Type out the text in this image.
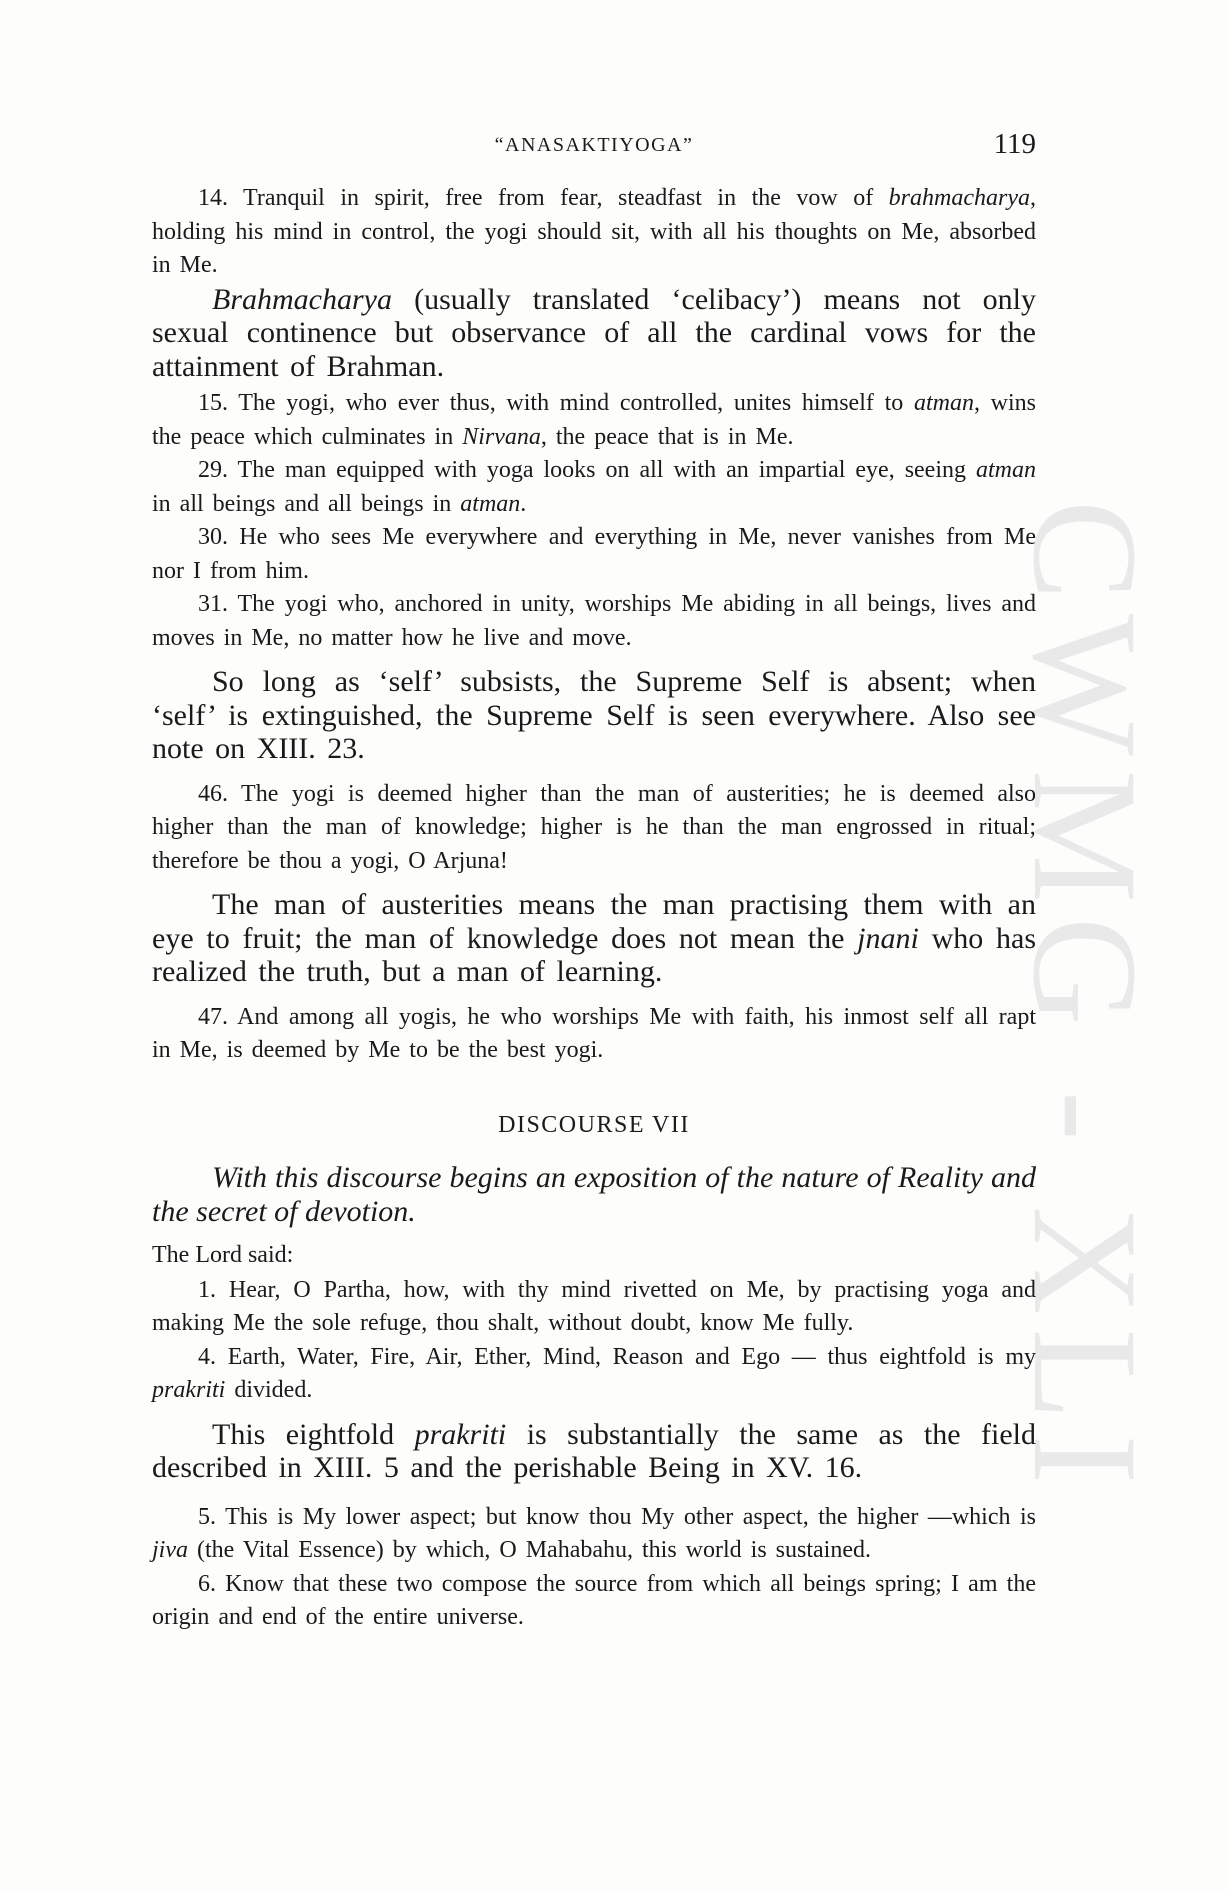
CWMG - XLI
“ANASAKTIYOGA”	119

14. Tranquil in spirit, free from fear, steadfast in the vow of brahmacharya, holding his mind in control, the yogi should sit, with all his thoughts on Me, absorbed in Me.

Brahmacharya (usually translated ‘celibacy’) means not only sexual continence but observance of all the cardinal vows for the attainment of Brahman.

15. The yogi, who ever thus, with mind controlled, unites himself to atman, wins the peace which culminates in Nirvana, the peace that is in Me.

29. The man equipped with yoga looks on all with an impartial eye, seeing atman in all beings and all beings in atman.

30. He who sees Me everywhere and everything in Me, never vanishes from Me nor I from him.

31. The yogi who, anchored in unity, worships Me abiding in all beings, lives and moves in Me, no matter how he live and move.

So long as ‘self’ subsists, the Supreme Self is absent; when ‘self’ is extinguished, the Supreme Self is seen everywhere. Also see note on XIII. 23.

46. The yogi is deemed higher than the man of austerities; he is deemed also higher than the man of knowledge; higher is he than the man engrossed in ritual; therefore be thou a yogi, O Arjuna!

The man of austerities means the man practising them with an eye to fruit; the man of knowledge does not mean the jnani who has realized the truth, but a man of learning.

47. And among all yogis, he who worships Me with faith, his inmost self all rapt in Me, is deemed by Me to be the best yogi.

DISCOURSE VII

With this discourse begins an exposition of the nature of Reality and the secret of devotion.

The Lord said:

1. Hear, O Partha, how, with thy mind rivetted on Me, by practising yoga and making Me the sole refuge, thou shalt, without doubt, know Me fully.

4. Earth, Water, Fire, Air, Ether, Mind, Reason and Ego — thus eightfold is my prakriti divided.

This eightfold prakriti is substantially the same as the field described in XIII. 5 and the perishable Being in XV. 16.

5. This is My lower aspect; but know thou My other aspect, the higher —which is jiva (the Vital Essence) by which, O Mahabahu, this world is sustained.

6. Know that these two compose the source from which all beings spring; I am the origin and end of the entire universe.
